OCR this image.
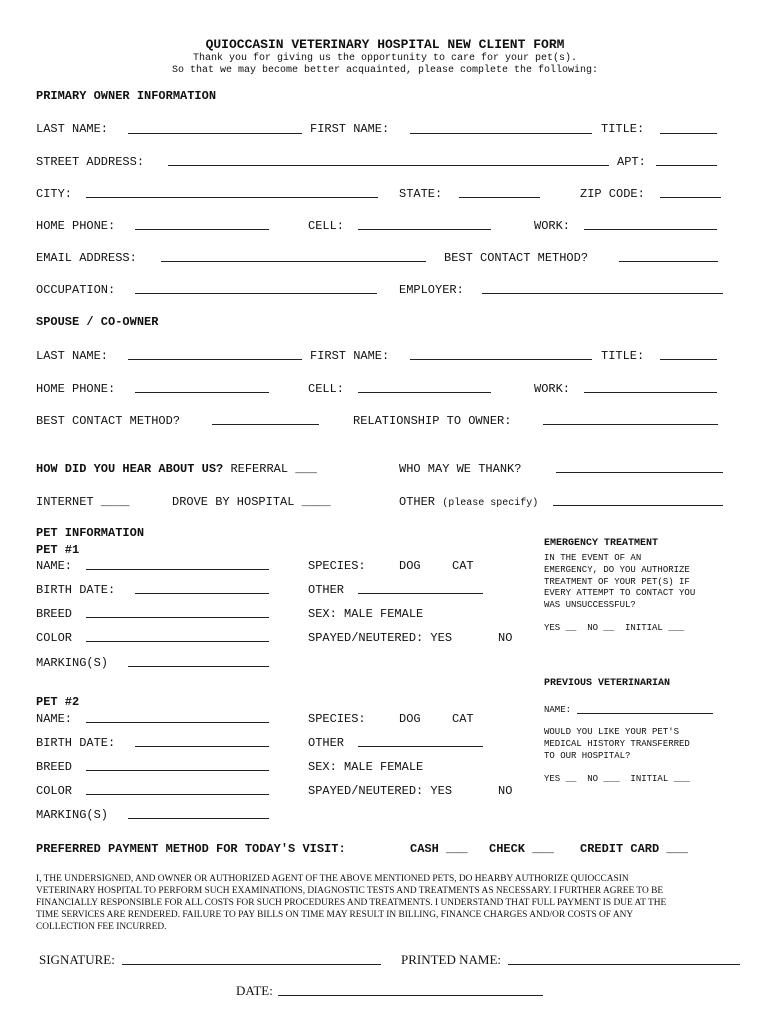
QUIOCCASIN VETERINARY HOSPITAL NEW CLIENT FORM
Thank you for giving us the opportunity to care for your pet(s).
So that we may become better acquainted, please complete the following:
PRIMARY OWNER INFORMATION
LAST NAME:	FIRST NAME:	TITLE:
STREET ADDRESS:	APT:
CITY:	STATE:	ZIP CODE:
HOME PHONE:	CELL:	WORK:
EMAIL ADDRESS:	BEST CONTACT METHOD?
OCCUPATION:	EMPLOYER:
SPOUSE / CO-OWNER
LAST NAME:	FIRST NAME:	TITLE:
HOME PHONE:	CELL:	WORK:
BEST CONTACT METHOD?	RELATIONSHIP TO OWNER:
HOW DID YOU HEAR ABOUT US? REFERRAL ___	WHO MAY WE THANK?
INTERNET ____	DROVE BY HOSPITAL ____	OTHER (please specify)
PET INFORMATION
PET #1
NAME:	SPECIES:	DOG	CAT
BIRTH DATE:	OTHER
BREED	SEX: MALE FEMALE
COLOR	SPAYED/NEUTERED: YES	NO
MARKING(S)
PET #2
NAME:	SPECIES:	DOG	CAT
BIRTH DATE:	OTHER
BREED	SEX: MALE FEMALE
COLOR	SPAYED/NEUTERED: YES	NO
MARKING(S)
EMERGENCY TREATMENT
IN THE EVENT OF AN
EMERGENCY, DO YOU AUTHORIZE
TREATMENT OF YOUR PET(S) IF
EVERY ATTEMPT TO CONTACT YOU
WAS UNSUCCESSFUL?
YES __  NO __  INITIAL ___
PREVIOUS VETERINARIAN
NAME:
WOULD YOU LIKE YOUR PET'S
MEDICAL HISTORY TRANSFERRED
TO OUR HOSPITAL?
YES __  NO ___  INITIAL ___
PREFERRED PAYMENT METHOD FOR TODAY'S VISIT:	CASH ___ CHECK ___ CREDIT CARD ___
I, THE UNDERSIGNED, AND OWNER OR AUTHORIZED AGENT OF THE ABOVE MENTIONED PETS, DO HEARBY AUTHORIZE QUIOCCASIN
VETERINARY HOSPITAL TO PERFORM SUCH EXAMINATIONS, DIAGNOSTIC TESTS AND TREATMENTS AS NECESSARY. I FURTHER AGREE TO BE
FINANCIALLY RESPONSIBLE FOR ALL COSTS FOR SUCH PROCEDURES AND TREATMENTS. I UNDERSTAND THAT FULL PAYMENT IS DUE AT THE
TIME SERVICES ARE RENDERED. FAILURE TO PAY BILLS ON TIME MAY RESULT IN BILLING, FINANCE CHARGES AND/OR COSTS OF ANY
COLLECTION FEE INCURRED.
SIGNATURE:	PRINTED NAME:
DATE:
